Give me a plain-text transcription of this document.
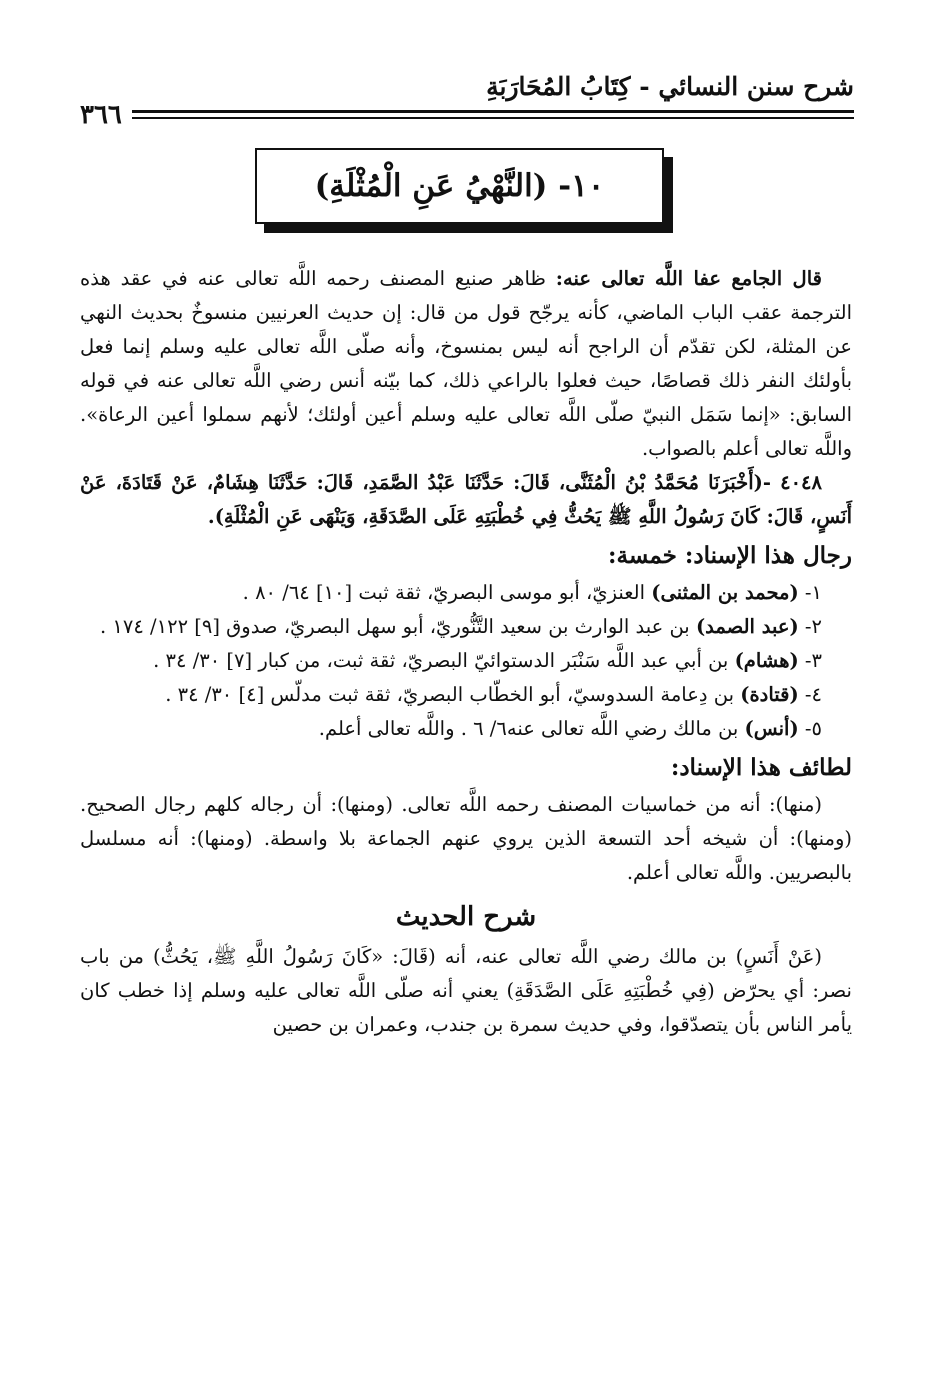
شرح سنن النسائي - كِتَابُ المُحَارَبَةِ
٣٦٦
١٠- (النَّهْيُ عَنِ الْمُثْلَةِ)

قال الجامع عفا اللَّه تعالى عنه: ظاهر صنيع المصنف رحمه اللَّه تعالى عنه في عقد هذه الترجمة عقب الباب الماضي، كأنه يرجّح قول من قال: إن حديث العرنيين منسوخٌ بحديث النهي عن المثلة، لكن تقدّم أن الراجح أنه ليس بمنسوخ، وأنه صلّى اللَّه تعالى عليه وسلم إنما فعل بأولئك النفر ذلك قصاصًا، حيث فعلوا بالراعي ذلك، كما بيّنه أنس رضي اللَّه تعالى عنه في قوله السابق: «إنما سَمَل النبيّ صلّى اللَّه تعالى عليه وسلم أعين أولئك؛ لأنهم سملوا أعين الرعاة». واللَّه تعالى أعلم بالصواب.

٤٠٤٨ -(أَخْبَرَنَا مُحَمَّدُ بْنُ الْمُثَنَّى، قَالَ: حَدَّثَنَا عَبْدُ الصَّمَدِ، قَالَ: حَدَّثَنَا هِشَامٌ، عَنْ قَتَادَةَ، عَنْ أَنَسٍ، قَالَ: كَانَ رَسُولُ اللَّهِ ﷺ يَحُثُّ فِي خُطْبَتِهِ عَلَى الصَّدَقَةِ، وَيَنْهَى عَنِ الْمُثْلَةِ).

رجال هذا الإسناد: خمسة:

١- (محمد بن المثنى) العنزيّ، أبو موسى البصريّ، ثقة ثبت [١٠] ٦٤/ ٨٠ .

٢- (عبد الصمد) بن عبد الوارث بن سعيد التَّنُّوريّ، أبو سهل البصريّ، صدوق [٩] ١٢٢/ ١٧٤ .

٣- (هشام) بن أبي عبد اللَّه سَنْبَر الدستوائيّ البصريّ، ثقة ثبت، من كبار [٧] ٣٠/ ٣٤ .

٤- (قتادة) بن دِعامة السدوسيّ، أبو الخطّاب البصريّ، ثقة ثبت مدلّس [٤] ٣٠/ ٣٤ .

٥- (أنس) بن مالك رضي اللَّه تعالى عنه٦/ ٦ . واللَّه تعالى أعلم.

لطائف هذا الإسناد:

(منها): أنه من خماسيات المصنف رحمه اللَّه تعالى. (ومنها): أن رجاله كلهم رجال الصحيح. (ومنها): أن شيخه أحد التسعة الذين يروي عنهم الجماعة بلا واسطة. (ومنها): أنه مسلسل بالبصريين. واللَّه تعالى أعلم.

شرح الحديث

(عَنْ أَنَسٍ) بن مالك رضي اللَّه تعالى عنه، أنه (قَالَ: «كَانَ رَسُولُ اللَّهِ ﷺ، يَحُثُّ) من باب نصر: أي يحرّض (فِي خُطْبَتِهِ عَلَى الصَّدَقَةِ) يعني أنه صلّى اللَّه تعالى عليه وسلم إذا خطب كان يأمر الناس بأن يتصدّقوا، وفي حديث سمرة بن جندب، وعمران بن حصين
